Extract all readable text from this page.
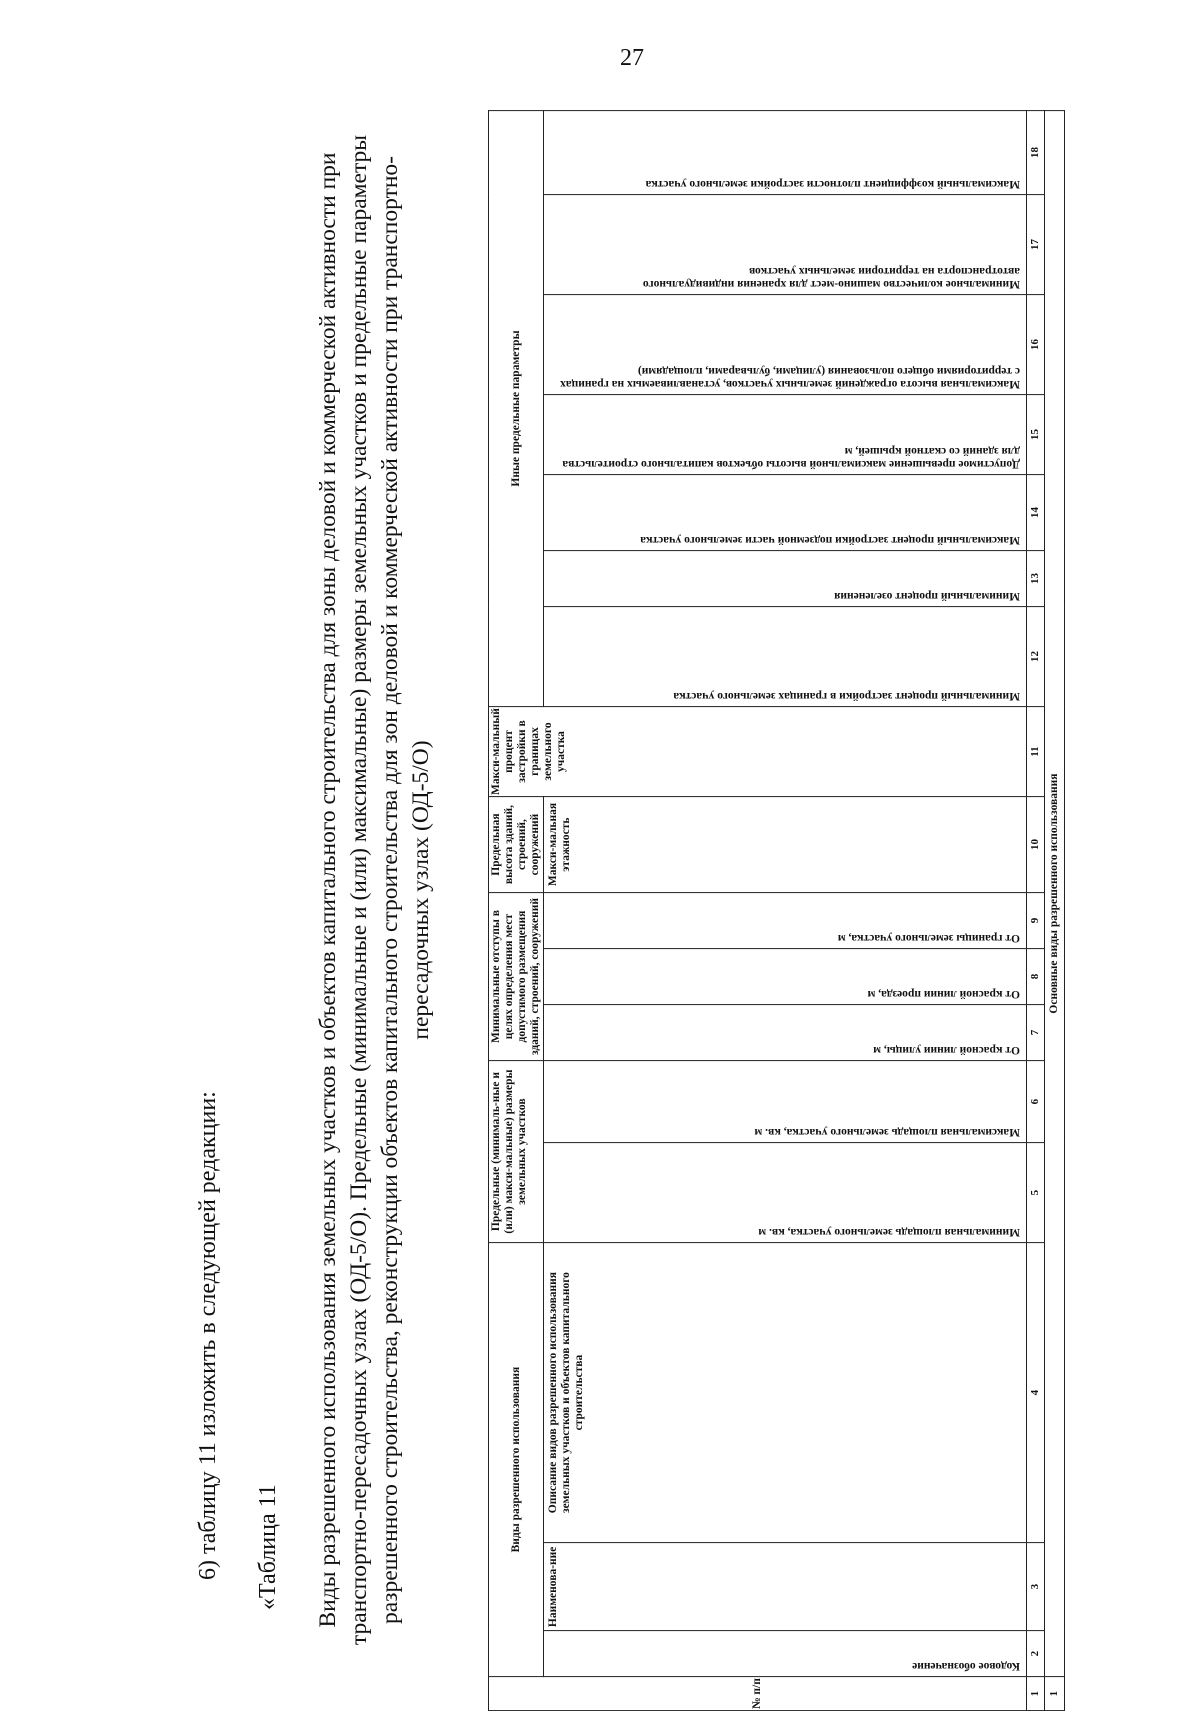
27
№ п/п	Виды разрешенного использования			Предельные (минималь-ные и (или) макси-мальные) размеры земельных участков		Минимальные отступы в целях определения мест допустимого размещения зданий, строений, сооружений			Предельная высота зданий, строений, сооружений	Макси-мальный процент застройки в границах земельного участка	Иные предельные параметры						

	Кодовое обозначение	Наименова-ние	Описание видов разрешенного использования земельных участков и объектов капитального строительства	Минимальная площадь земельного участка, кв. м	Максимальная площадь земельного участка, кв. м	От красной линии улицы, м	От красной линии проезда, м	От границы земельного участка, м	Макси-мальная этажность		Минимальный процент застройки в границах земельного участка	Минимальный процент озеленения	Максимальный процент застройки подземной части земельного участка	Допустимое превышение максимальной высоты объектов капитального строительства для зданий со скатной крышей, м	Максимальная высота ограждений земельных участков, устанавливаемых на границах с территориями общего пользования (улицами, бульварами, площадями)	Минимальное количество машино-мест для хранения индивидуального автотранспорта на территории земельных участков	Максимальный коэффициент плотности застройки земельного участка

1	2	3	4	5	6	7	8	9	10	11	12	13	14	15	16	17	18
1	Основные виды разрешенного использования																
6) таблицу 11 изложить в следующей редакции: «Таблица 11 Виды разрешенного использования земельных участков и объектов капитального строительства для зоны деловой и коммерческой активности при транспортно-пересадочных узлах (ОД-5/О). Предельные (минимальные и (или) максимальные) размеры земельных участков и предельные параметры разрешенного строительства, реконструкции объектов капитального строительства для зон деловой и коммерческой активности при транспортно-пересадочных узлах (ОД-5/О)
